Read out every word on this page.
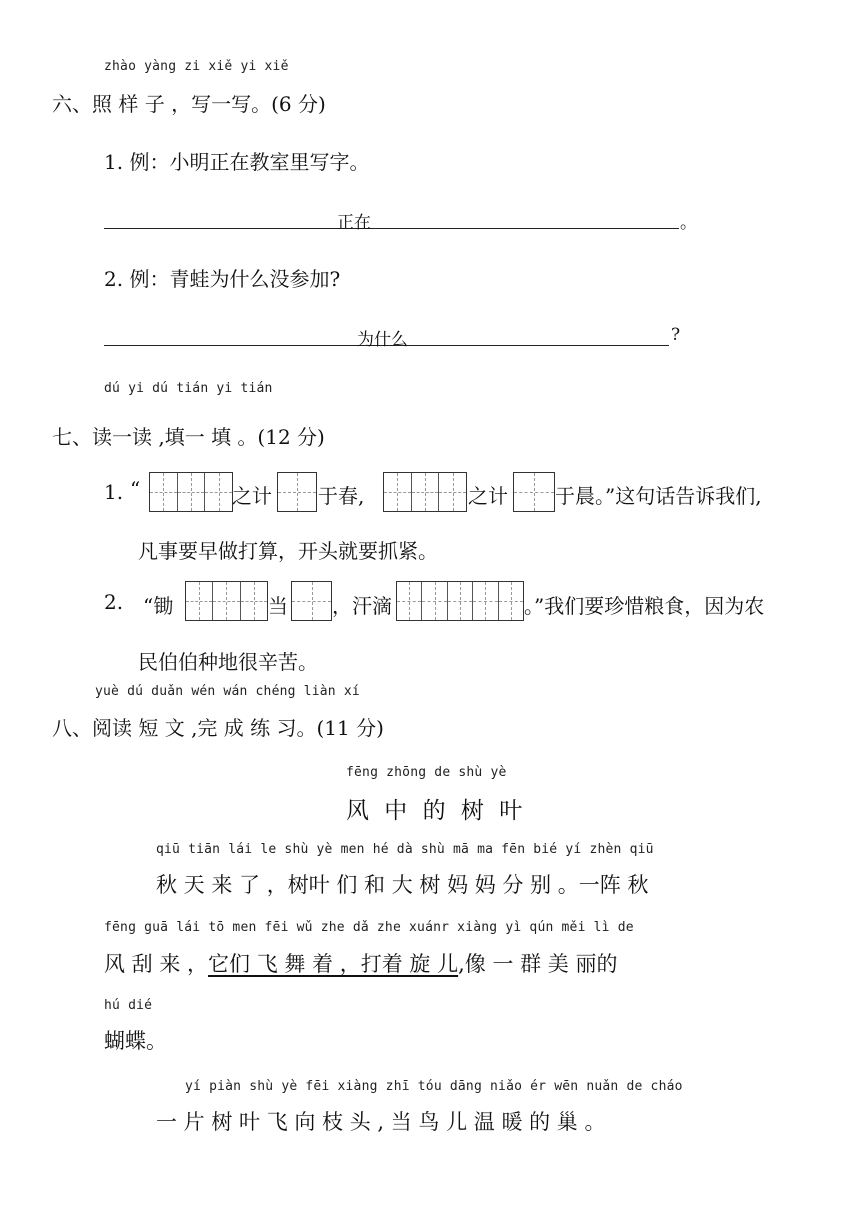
zhào yàng zi xiě yi xiě
六、照 样 子 ，写一写。(6 分)
1. 例：小明正在教室里写字。
正在	。
2. 例：青蛙为什么没参加?
为什么	?
dú yi dú tián yi tián
七、读一读 ,填一 填 。(12 分)
1. “	之计 于春,	之计 于晨。”这句话告诉我们,
凡事要早做打算，开头就要抓紧。
2. “锄	当 ，汗滴	。”我们要珍惜粮食，因为农
民伯伯种地很辛苦。
yuè dú duǎn wén wán chéng liàn xí
八、阅读 短 文 ,完 成 练 习。(11 分)
fēng zhōng de shù yè
风 中 的 树 叶
qiū tiān lái le shù yè men hé dà shù mā ma fēn bié yí zhèn qiū
秋 天 来 了 ，树叶 们 和 大 树 妈 妈 分 别 。一阵 秋
fēng guā lái tō men fēi wǔ zhe dǎ zhe xuánr xiàng yì qún měi lì de
风 刮 来 ，它们 飞 舞 着 ，打着 旋 儿,像 一 群 美 丽的
hú dié
蝴蝶。
yí piàn shù yè fēi xiàng zhī tóu dāng niǎo ér wēn nuǎn de cháo
一 片 树 叶 飞 向 枝 头 , 当 鸟 儿 温 暖 的 巢 。
